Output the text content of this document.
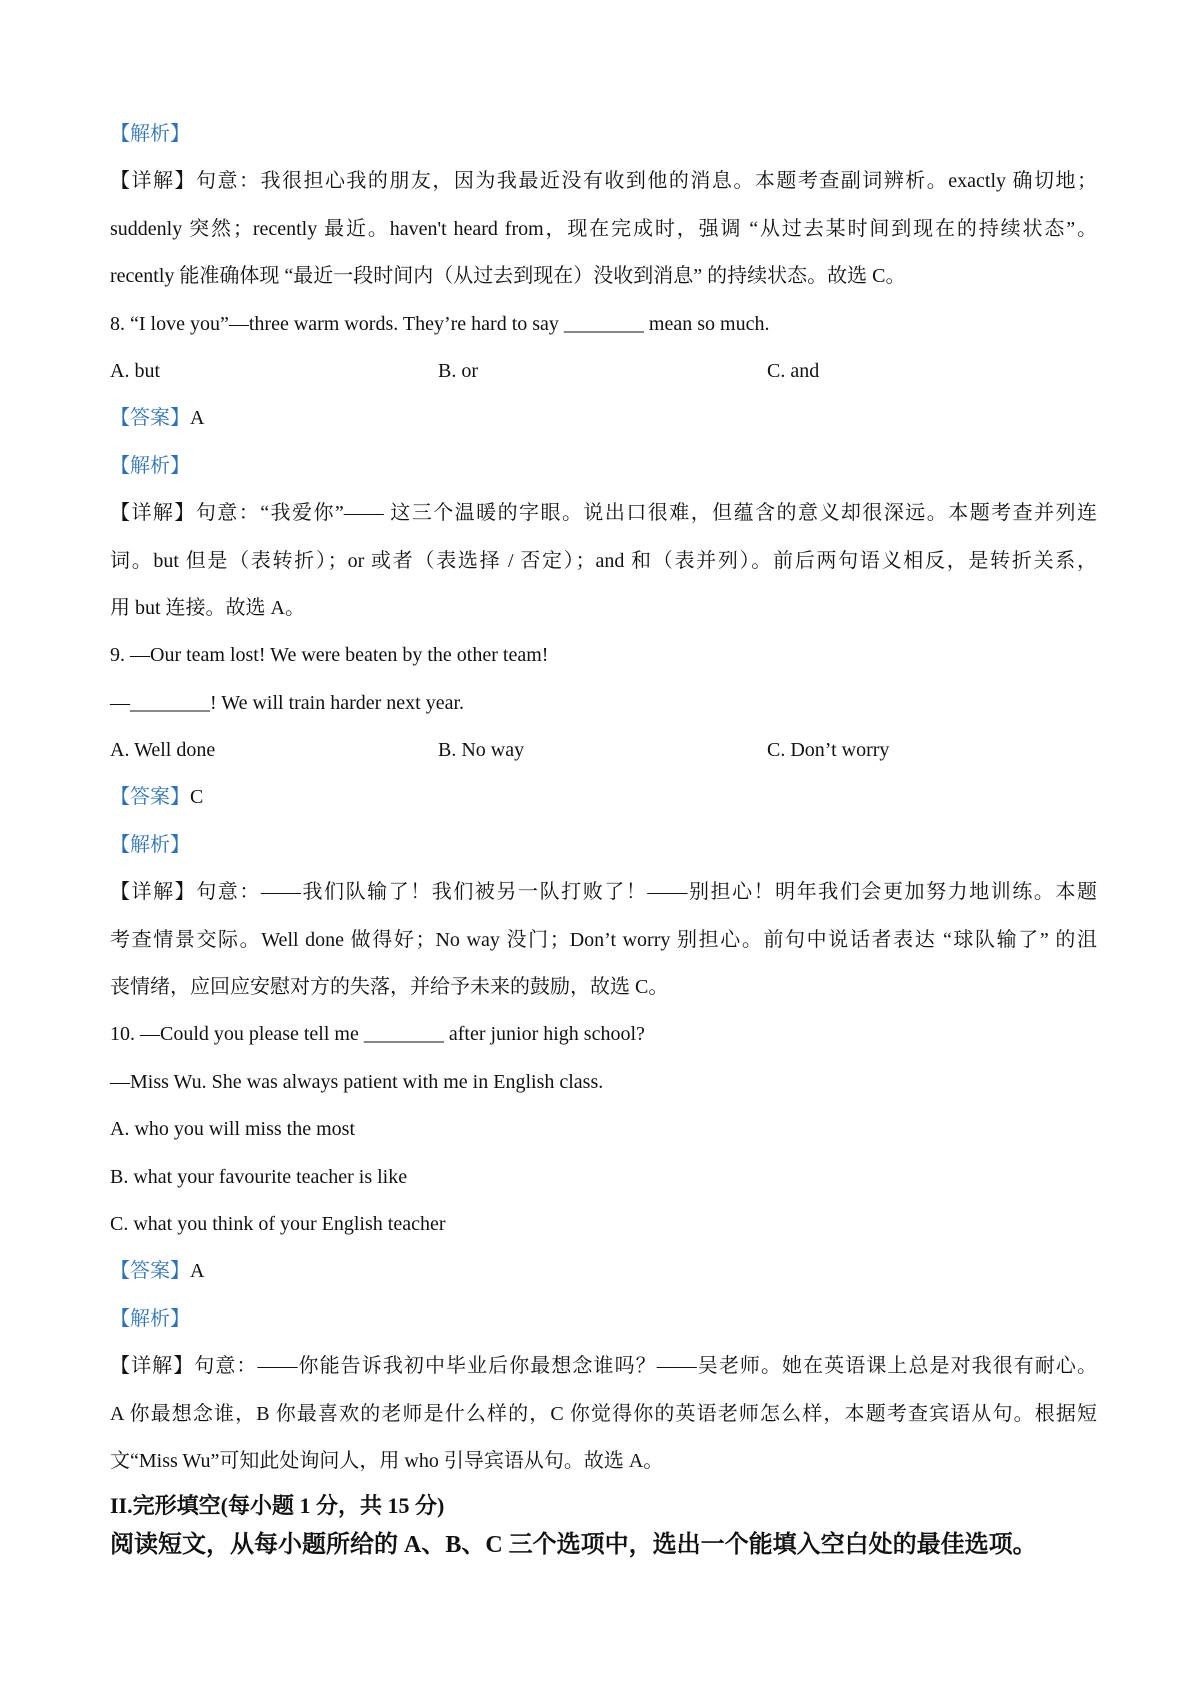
【解析】
【详解】句意：我很担心我的朋友，因为我最近没有收到他的消息。本题考查副词辨析。exactly 确切地；
suddenly 突然；recently 最近。haven't heard from，现在完成时，强调 “从过去某时间到现在的持续状态”。
recently 能准确体现 “最近一段时间内（从过去到现在）没收到消息” 的持续状态。故选 C。
8. “I love you”—three warm words. They’re hard to say ________ mean so much.
A. but	B. or	C. and
【答案】A
【解析】
【详解】句意：“我爱你”—— 这三个温暖的字眼。说出口很难，但蕴含的意义却很深远。本题考查并列连
词。but 但是（表转折）；or 或者（表选择 / 否定）；and 和（表并列）。前后两句语义相反，是转折关系，
用 but 连接。故选 A。
9. —Our team lost! We were beaten by the other team!
—________! We will train harder next year.
A. Well done	B. No way	C. Don’t worry
【答案】C
【解析】
【详解】句意：——我们队输了！我们被另一队打败了！——别担心！明年我们会更加努力地训练。本题
考查情景交际。Well done 做得好；No way 没门；Don’t worry 别担心。前句中说话者表达 “球队输了” 的沮
丧情绪，应回应安慰对方的失落，并给予未来的鼓励，故选 C。
10. —Could you please tell me ________ after junior high school?
—Miss Wu. She was always patient with me in English class.
A. who you will miss the most
B. what your favourite teacher is like
C. what you think of your English teacher
【答案】A
【解析】
【详解】句意：——你能告诉我初中毕业后你最想念谁吗？——吴老师。她在英语课上总是对我很有耐心。
A 你最想念谁，B 你最喜欢的老师是什么样的，C 你觉得你的英语老师怎么样，本题考查宾语从句。根据短
文“Miss Wu”可知此处询问人，用 who 引导宾语从句。故选 A。
II.完形填空(每小题 1 分，共 15 分)
阅读短文，从每小题所给的 A、B、C 三个选项中，选出一个能填入空白处的最佳选项。
